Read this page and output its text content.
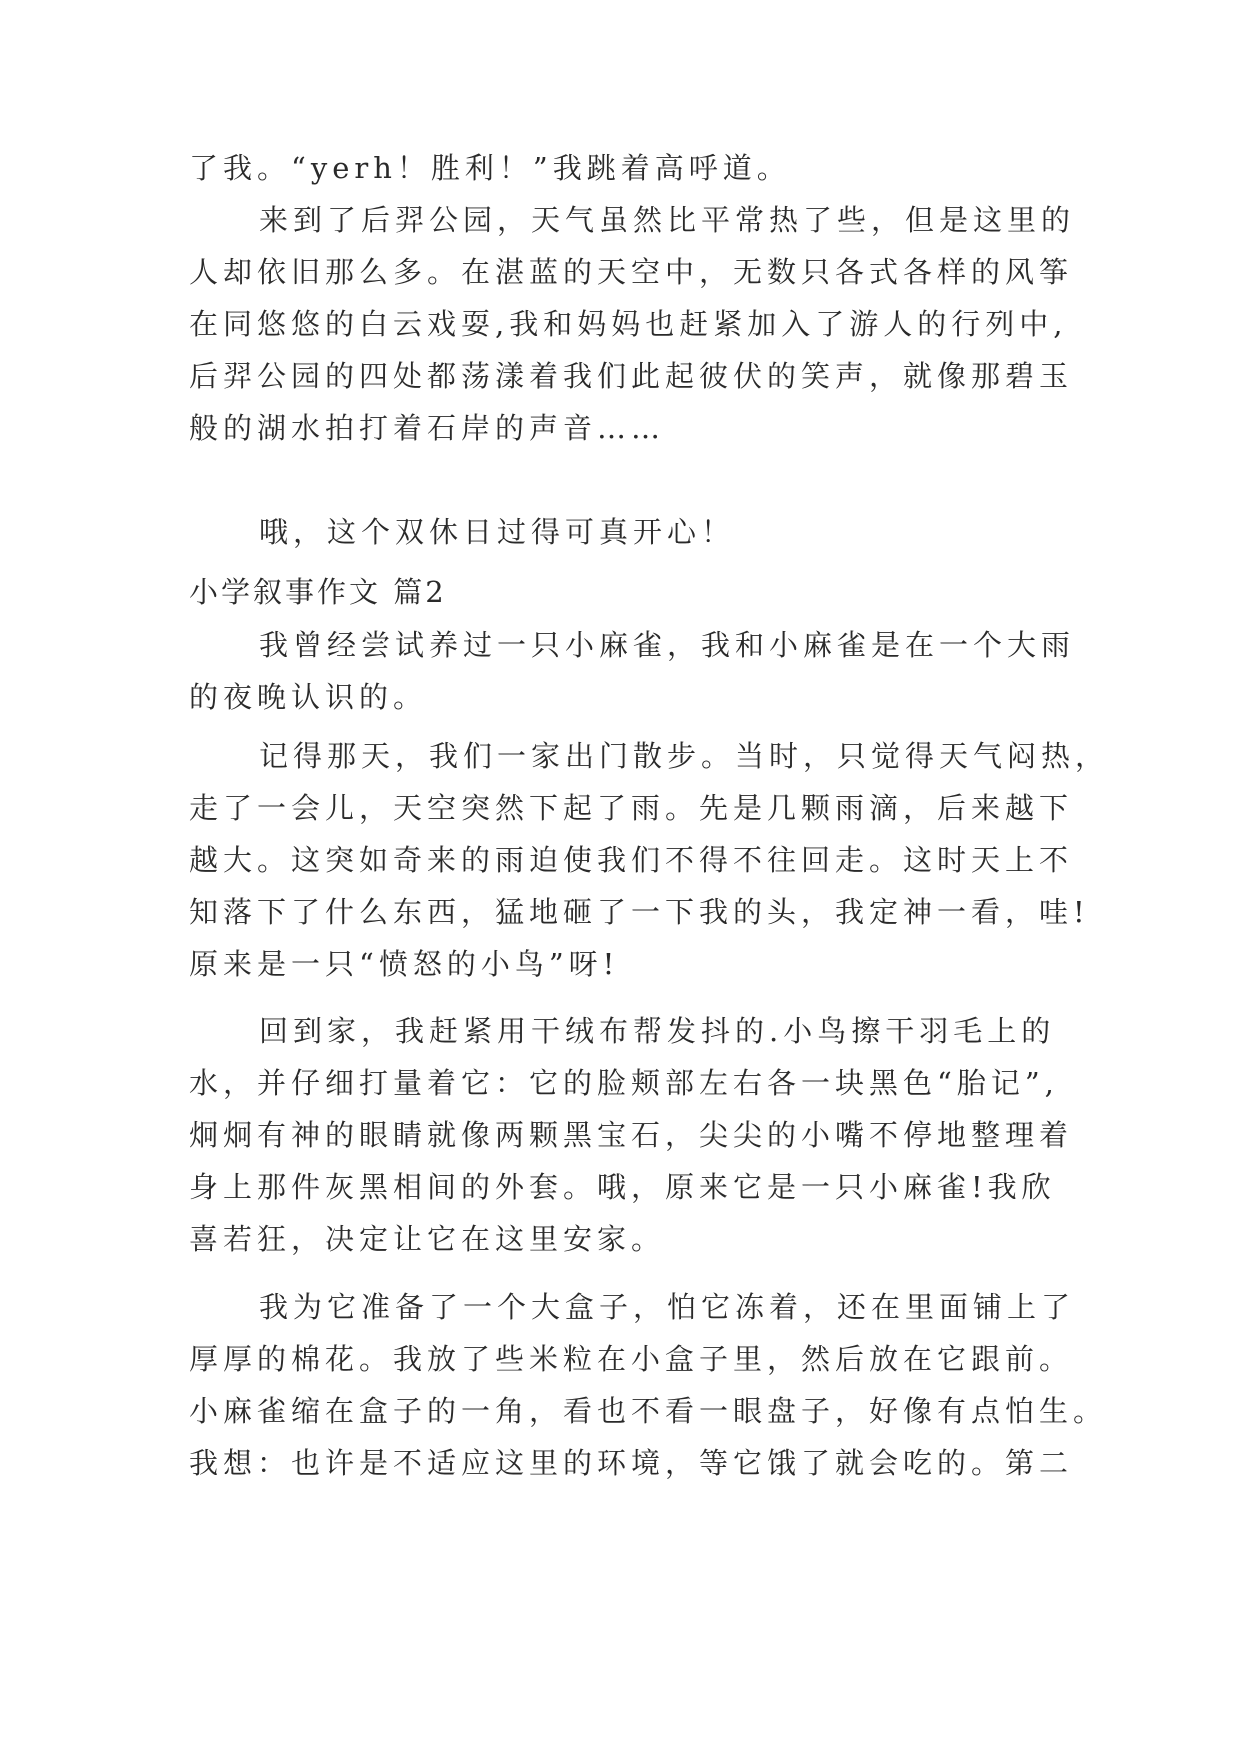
了我。“yerh！胜利！”我跳着高呼道。
来到了后羿公园，天气虽然比平常热了些，但是这里的
人却依旧那么多。在湛蓝的天空中，无数只各式各样的风筝
在同悠悠的白云戏耍,我和妈妈也赶紧加入了游人的行列中,
后羿公园的四处都荡漾着我们此起彼伏的笑声，就像那碧玉
般的湖水拍打着石岸的声音……
哦，这个双休日过得可真开心！
小学叙事作文 篇2
我曾经尝试养过一只小麻雀，我和小麻雀是在一个大雨
的夜晚认识的。
记得那天，我们一家出门散步。当时，只觉得天气闷热，
走了一会儿，天空突然下起了雨。先是几颗雨滴，后来越下
越大。这突如奇来的雨迫使我们不得不往回走。这时天上不
知落下了什么东西，猛地砸了一下我的头，我定神一看，哇!
原来是一只“愤怒的小鸟”呀!
回到家，我赶紧用干绒布帮发抖的.小鸟擦干羽毛上的
水，并仔细打量着它：它的脸颊部左右各一块黑色“胎记”,
炯炯有神的眼睛就像两颗黑宝石，尖尖的小嘴不停地整理着
身上那件灰黑相间的外套。哦，原来它是一只小麻雀!我欣
喜若狂，决定让它在这里安家。
我为它准备了一个大盒子，怕它冻着，还在里面铺上了
厚厚的棉花。我放了些米粒在小盒子里，然后放在它跟前。
小麻雀缩在盒子的一角，看也不看一眼盘子，好像有点怕生。
我想：也许是不适应这里的环境，等它饿了就会吃的。第二
